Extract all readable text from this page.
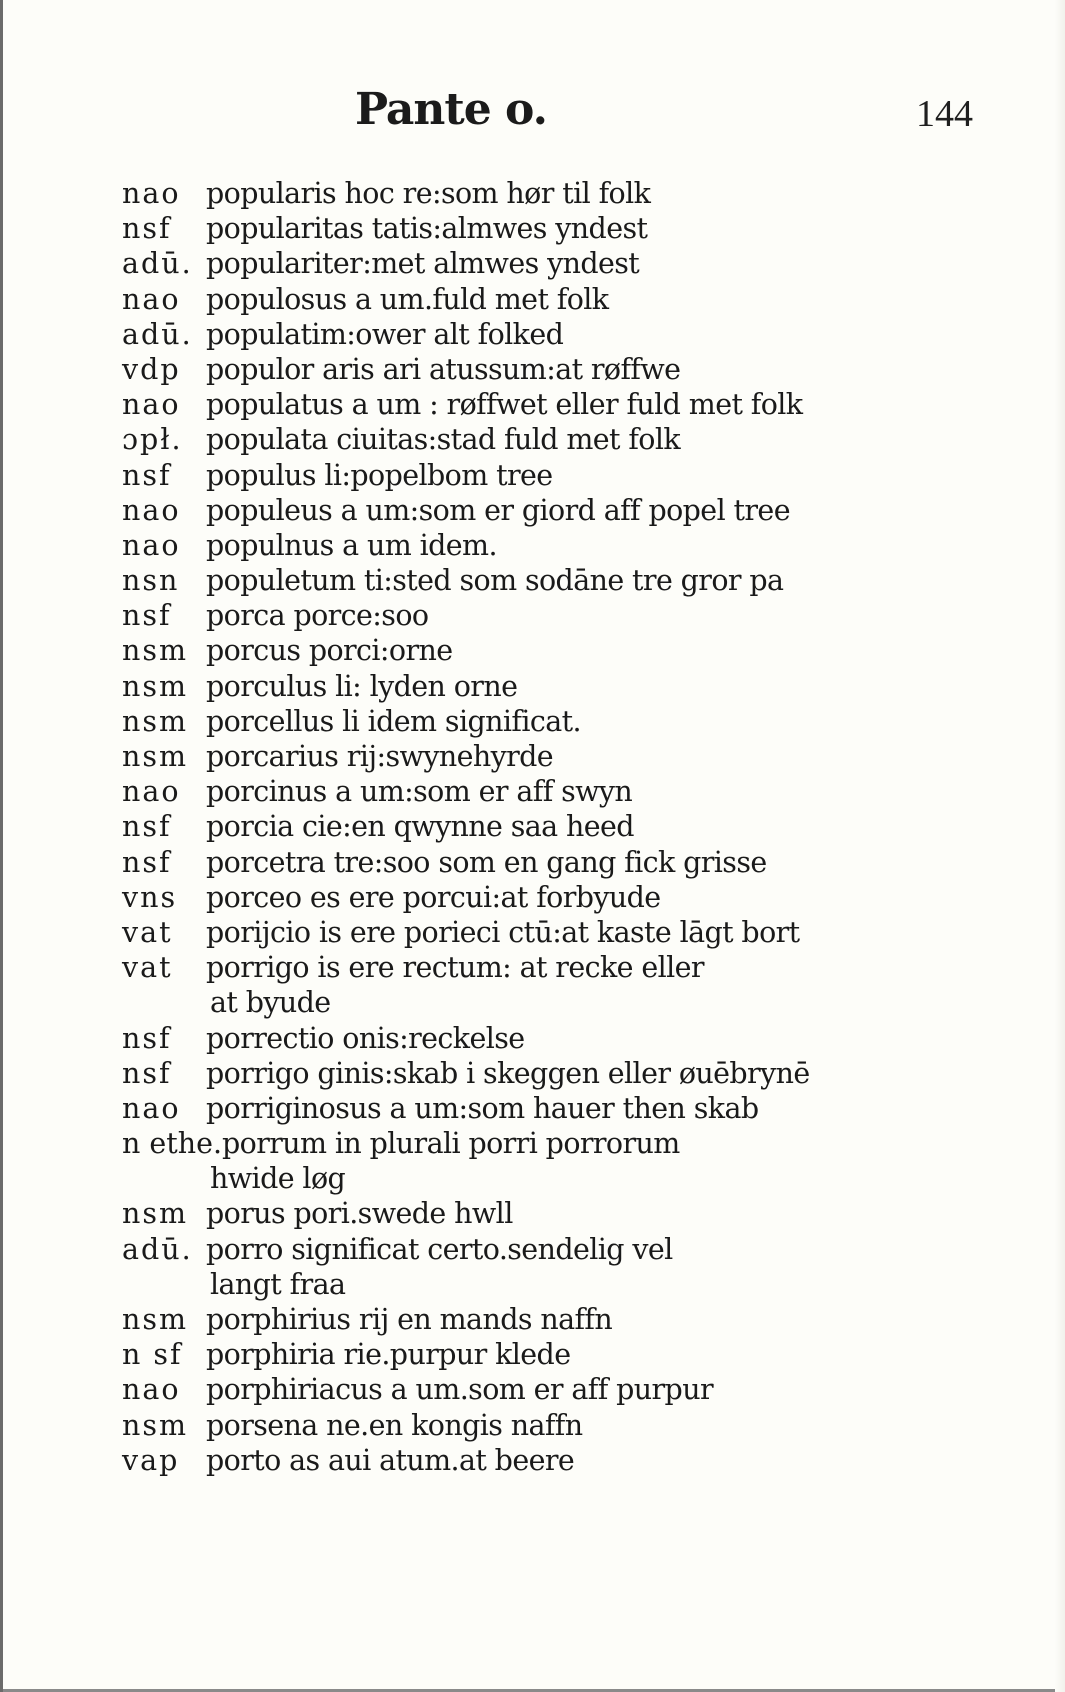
Pante o.	144
nao popularis hoc re:som hør til folk
nsf	popularitas tatis:almwes yndest
adū. populariter:met almwes yndest
nao populosus a um.fuld met folk
adū. populatim:ower alt folked
vdp populor aris ari atussum:at røffwe
nao populatus a um : røffwet eller fuld met folk
ɔpł. populata ciuitas:stad fuld met folk
nsf	populus li:popelbom tree
nao populeus a um:som er giord aff popel tree
nao populnus a um idem.
nsn populetum ti:sted som sodāne tre gror pa
nsf	porca porce:soo
nsm porcus porci:orne
nsm porculus li: lyden orne
nsm porcellus li idem significat.
nsm porcarius rij:swynehyrde
nao porcinus a um:som er aff swyn
nsf	porcia cie:en qwynne saa heed
nsf	porcetra tre:soo som en gang fick grisse
vns	porceo es ere porcui:at forbyude
vat	porijcio is ere porieci ctū:at kaste lāgt bort
vat	porrigo is ere rectum: at recke eller
at byude
nsf	porrectio onis:reckelse
nsf	porrigo ginis:skab i skeggen eller øuēbrynē
nao porriginosus a um:som hauer then skab
n ethe. porrum in plurali porri porrorum
hwide løg
nsm porus pori.swede hwll
adū. porro significat certo.sendelig vel
langt fraa
nsm porphirius rij en mands naffn
n sf porphiria rie.purpur klede
nao porphiriacus a um.som er aff purpur
nsm porsena ne.en kongis naffn
vap porto as aui atum.at beere
